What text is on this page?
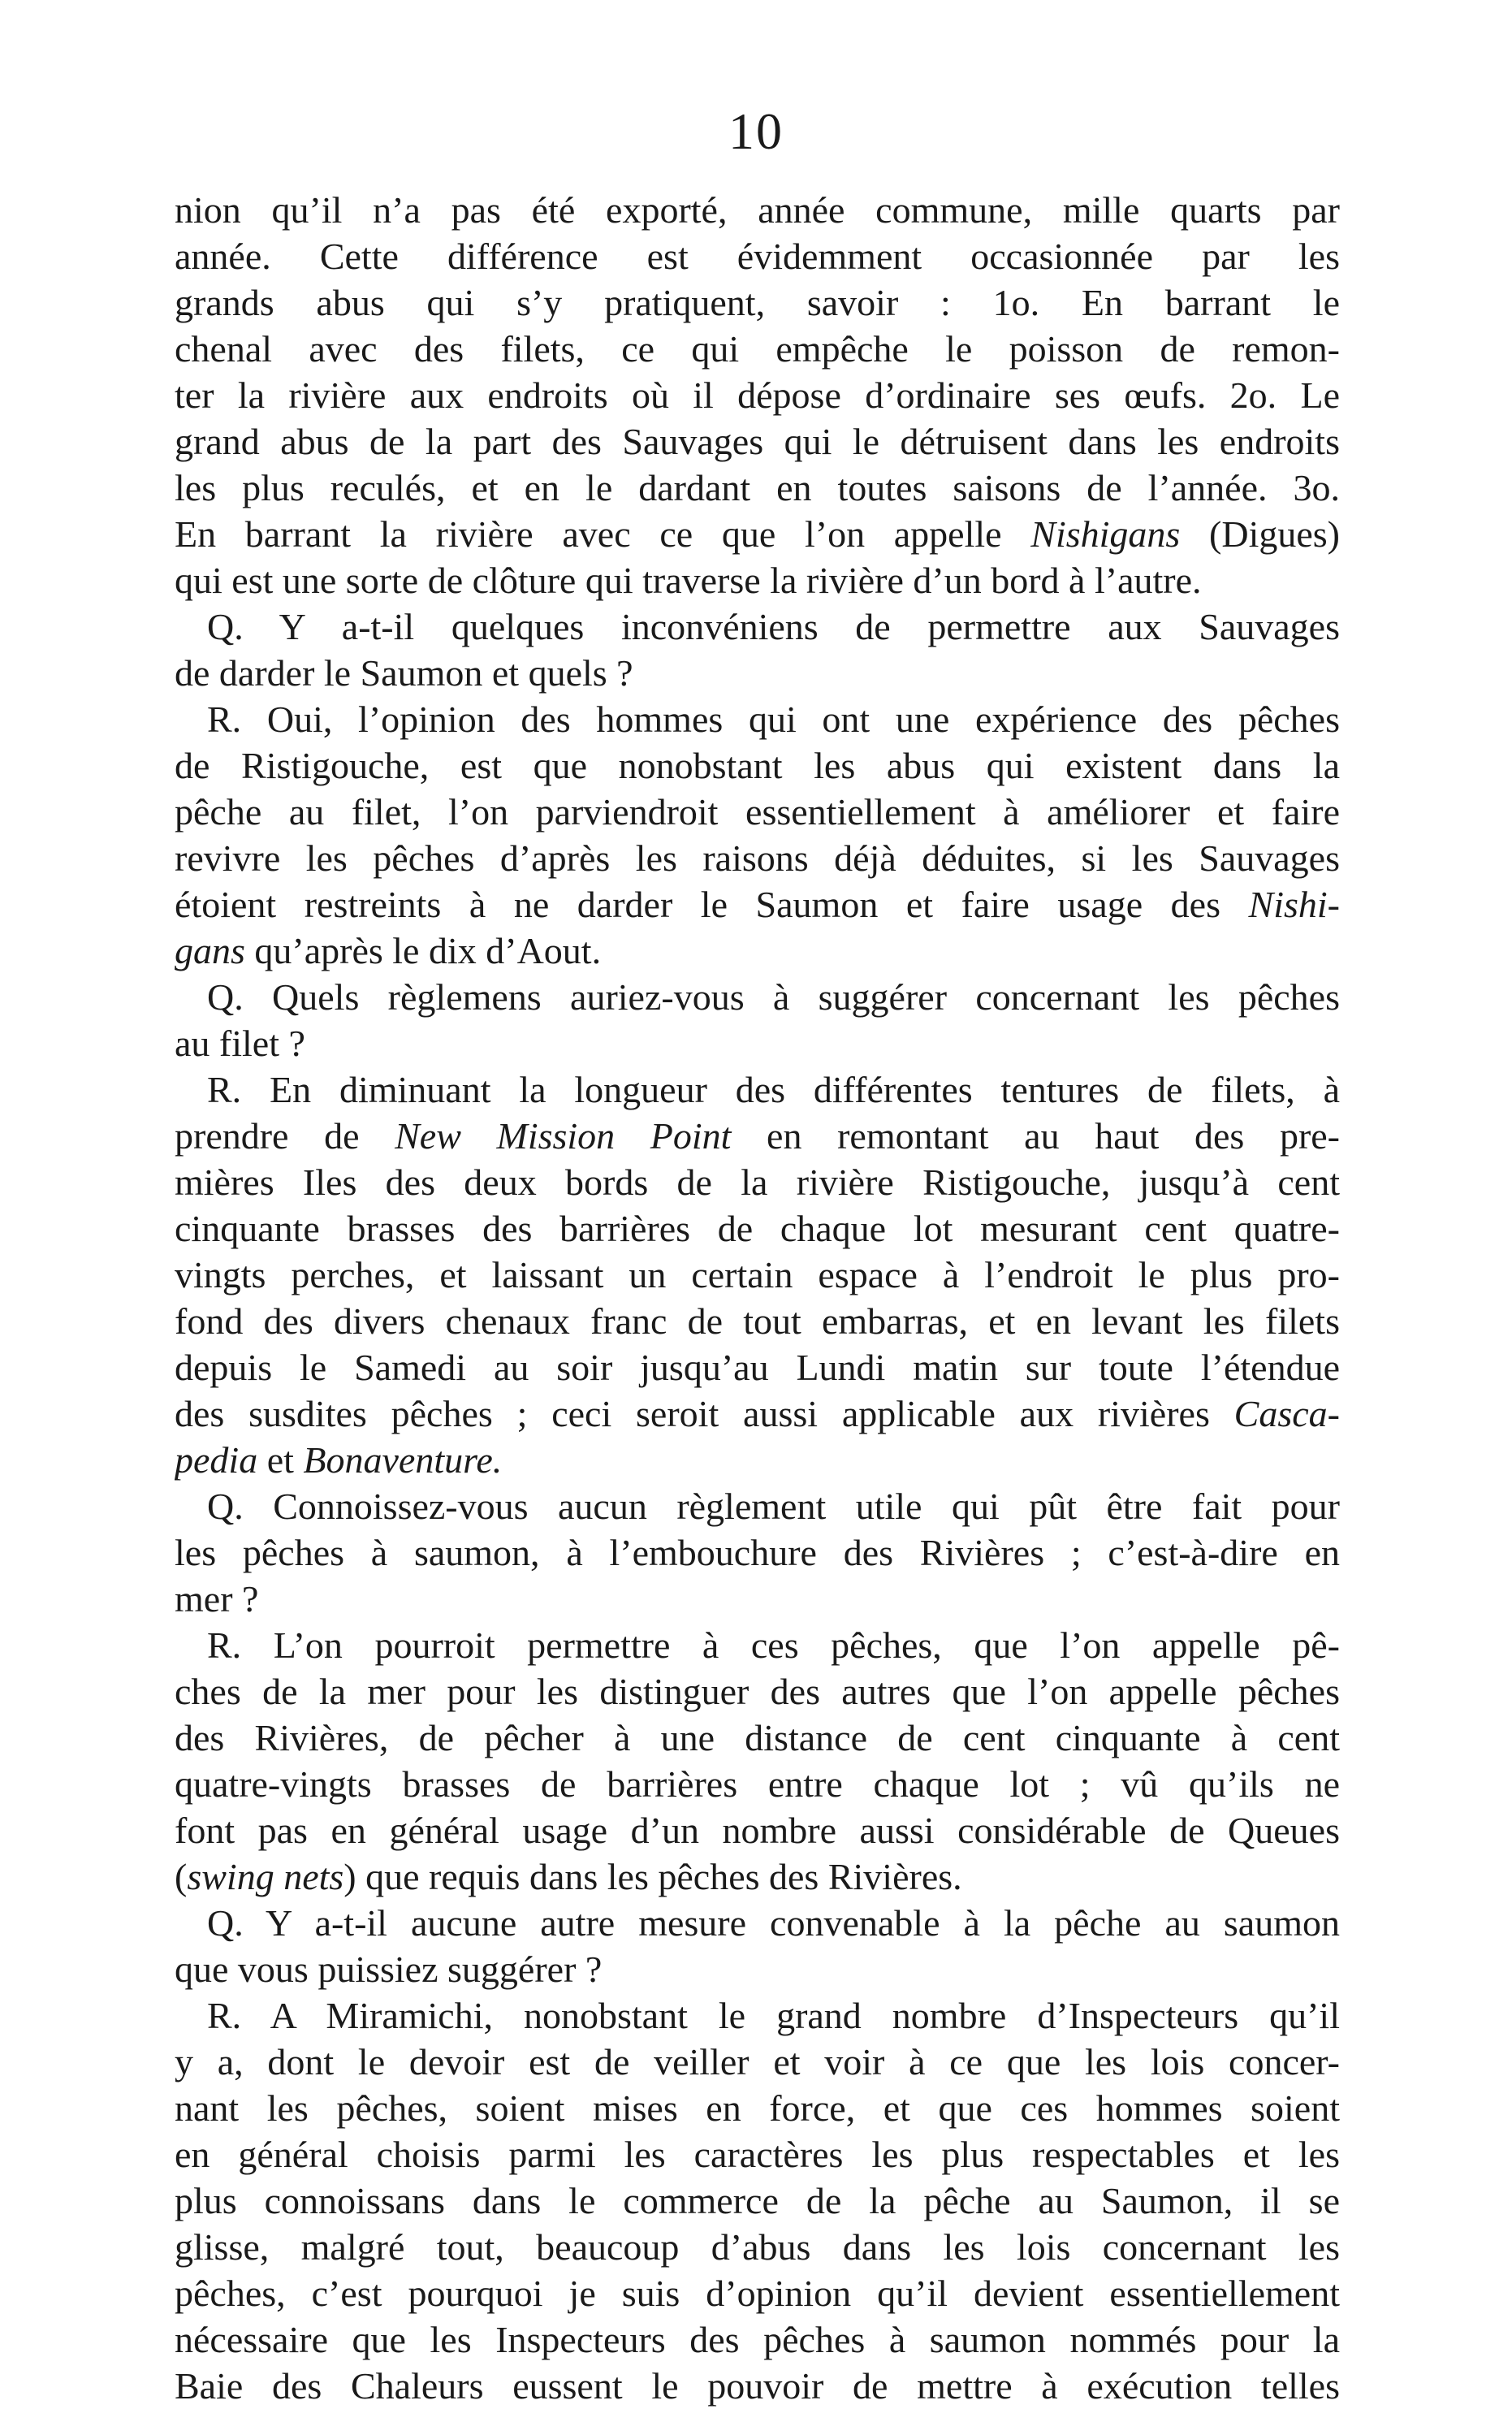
10
nion qu’il n’a pas été exporté, année commune, mille quarts par
année. Cette différence est évidemment occasionnée par les
grands abus qui s’y pratiquent, savoir : 1o. En barrant le
chenal avec des filets, ce qui empêche le poisson de remon-
ter la rivière aux endroits où il dépose d’ordinaire ses œufs. 2o. Le
grand abus de la part des Sauvages qui le détruisent dans les endroits
les plus reculés, et en le dardant en toutes saisons de l’année. 3o.
En barrant la rivière avec ce que l’on appelle Nishigans (Digues)
qui est une sorte de clôture qui traverse la rivière d’un bord à l’autre.
Q. Y a-t-il quelques inconvéniens de permettre aux Sauvages
de darder le Saumon et quels ?
R. Oui, l’opinion des hommes qui ont une expérience des pêches
de Ristigouche, est que nonobstant les abus qui existent dans la
pêche au filet, l’on parviendroit essentiellement à améliorer et faire
revivre les pêches d’après les raisons déjà déduites, si les Sauvages
étoient restreints à ne darder le Saumon et faire usage des Nishi-
gans qu’après le dix d’Aout.
Q. Quels règlemens auriez-vous à suggérer concernant les pêches
au filet ?
R. En diminuant la longueur des différentes tentures de filets, à
prendre de New Mission Point en remontant au haut des pre-
mières Iles des deux bords de la rivière Ristigouche, jusqu’à cent
cinquante brasses des barrières de chaque lot mesurant cent quatre-
vingts perches, et laissant un certain espace à l’endroit le plus pro-
fond des divers chenaux franc de tout embarras, et en levant les filets
depuis le Samedi au soir jusqu’au Lundi matin sur toute l’étendue
des susdites pêches ; ceci seroit aussi applicable aux rivières Casca-
pedia et Bonaventure.
Q. Connoissez-vous aucun règlement utile qui pût être fait pour
les pêches à saumon, à l’embouchure des Rivières ; c’est-à-dire en
mer ?
R. L’on pourroit permettre à ces pêches, que l’on appelle pê-
ches de la mer pour les distinguer des autres que l’on appelle pêches
des Rivières, de pêcher à une distance de cent cinquante à cent
quatre-vingts brasses de barrières entre chaque lot ; vû qu’ils ne
font pas en général usage d’un nombre aussi considérable de Queues
(swing nets) que requis dans les pêches des Rivières.
Q. Y a-t-il aucune autre mesure convenable à la pêche au saumon
que vous puissiez suggérer ?
R. A Miramichi, nonobstant le grand nombre d’Inspecteurs qu’il
y a, dont le devoir est de veiller et voir à ce que les lois concer-
nant les pêches, soient mises en force, et que ces hommes soient
en général choisis parmi les caractères les plus respectables et les
plus connoissans dans le commerce de la pêche au Saumon, il se
glisse, malgré tout, beaucoup d’abus dans les lois concernant les
pêches, c’est pourquoi je suis d’opinion qu’il devient essentiellement
nécessaire que les Inspecteurs des pêches à saumon nommés pour la
Baie des Chaleurs eussent le pouvoir de mettre à exécution telles
